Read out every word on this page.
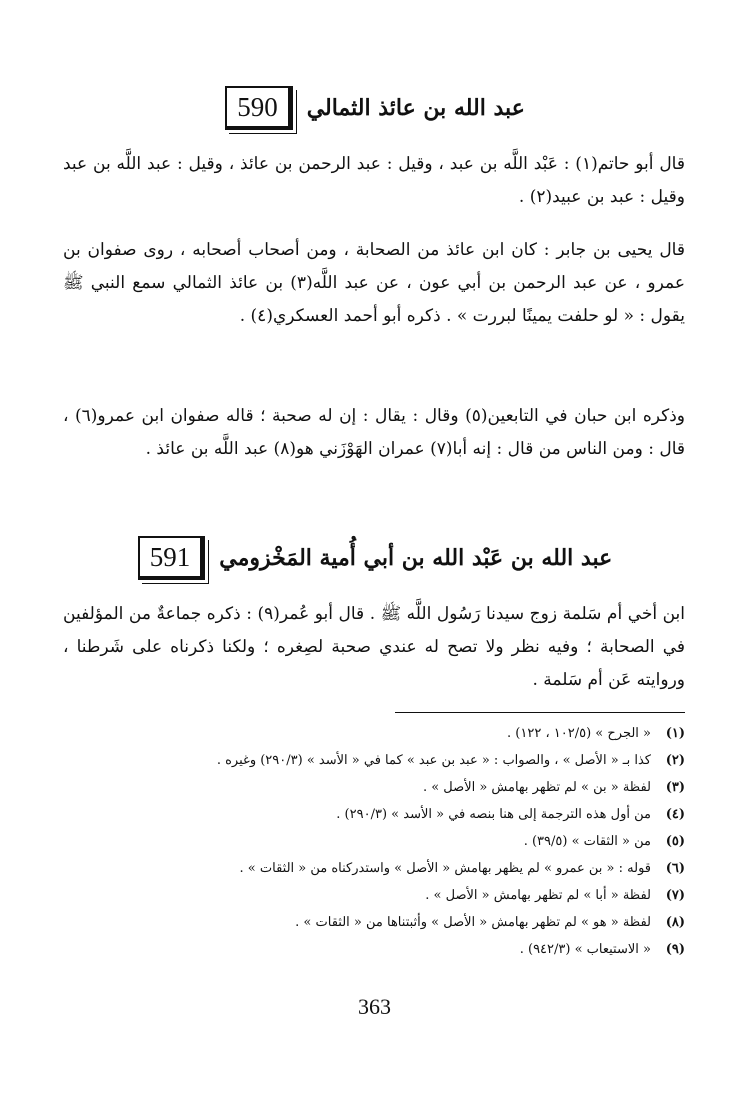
590	عبد الله بن عائذ الثمالي
قال أبو حاتم(١) : عَبْد اللَّه بن عبد ، وقيل : عبد الرحمن بن عائذ ، وقيل : عبد اللَّه بن عبد وقيل : عبد بن عبيد(٢) .
قال يحيى بن جابر : كان ابن عائذ من الصحابة ، ومن أصحاب أصحابه ، روى صفوان بن عمرو ، عن عبد الرحمن بن أبي عون ، عن عبد اللَّه(٣) بن عائذ الثمالي سمع النبي ﷺ يقول : « لو حلفت يمينًا لبررت » . ذكره أبو أحمد العسكري(٤) .
وذكره ابن حبان في التابعين(٥) وقال : يقال : إن له صحبة ؛ قاله صفوان ابن عمرو(٦) ، قال : ومن الناس من قال : إنه أبا(٧) عمران الهَوْزَني هو(٨) عبد اللَّه بن عائذ .
591	عبد الله بن عَبْد الله بن أبي أُمية المَخْزومي
ابن أخي أم سَلمة زوج سيدنا رَسُول اللَّه ﷺ . قال أبو عُمر(٩) : ذكره جماعةٌ من المؤلفين في الصحابة ؛ وفيه نظر ولا تصح له عندي صحبة لصِغره ؛ ولكنا ذكرناه على شَرطنا ، وروايته عَن أم سَلمة .
(١)
« الجرح » (١٠٢/٥ ، ١٢٢) .
(٢)
كذا بـ « الأصل » ، والصواب : « عبد بن عبد » كما في « الأسد » (٢٩٠/٣) وغيره .
(٣)
لفظة « بن » لم تظهر بهامش « الأصل » .
(٤)
من أول هذه الترجمة إلى هنا بنصه في « الأسد » (٢٩٠/٣) .
(٥)
من « الثقات » (٣٩/٥) .
(٦)
قوله : « بن عمرو » لم يظهر بهامش « الأصل » واستدركناه من « الثقات » .
(٧)
لفظة « أبا » لم تظهر بهامش « الأصل » .
(٨)
لفظة « هو » لم تظهر بهامش « الأصل » وأثبتناها من « الثقات » .
(٩)
« الاستيعاب » (٩٤٢/٣) .
363
